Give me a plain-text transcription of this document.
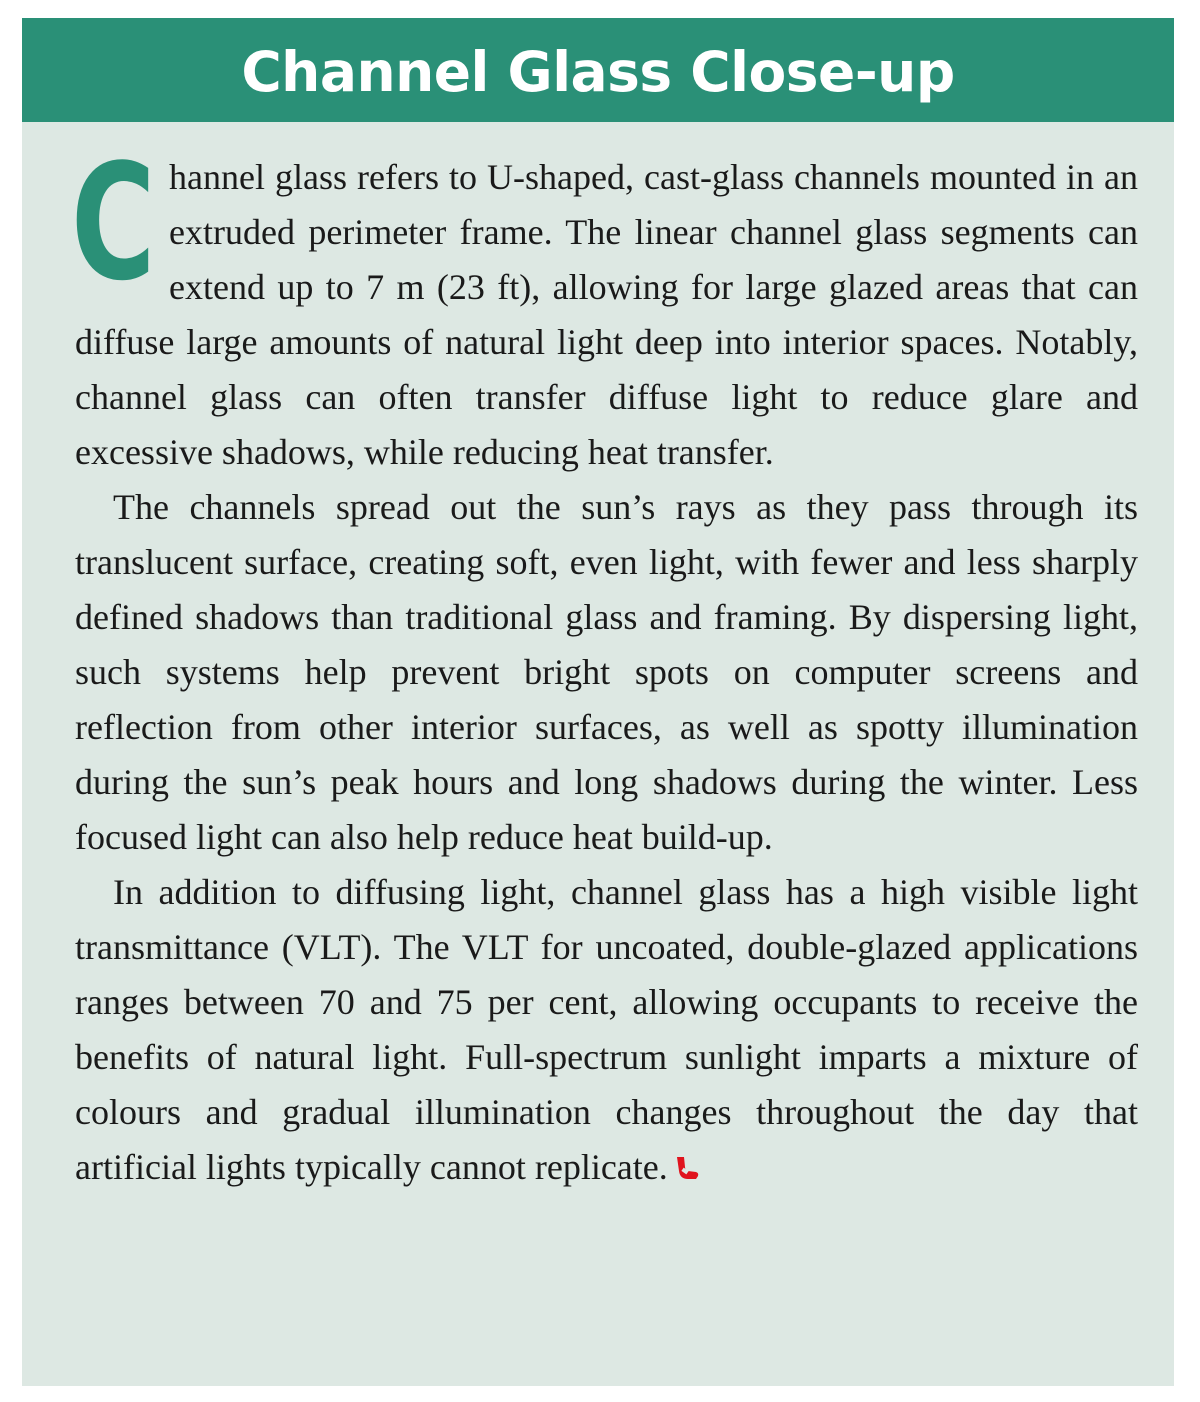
Channel Glass Close-up

Channel glass refers to U-shaped, cast-glass channels mounted in an extruded perimeter frame. The linear channel glass segments can extend up to 7 m (23 ft), allowing for large glazed areas that can diffuse large amounts of natural light deep into interior spaces. Notably, channel glass can often transfer diffuse light to reduce glare and excessive shadows, while reducing heat transfer.

The channels spread out the sun’s rays as they pass through its translucent surface, creating soft, even light, with fewer and less sharply defined shadows than traditional glass and framing. By dispersing light, such systems help prevent bright spots on computer screens and reflection from other interior surfaces, as well as spotty illumination during the sun’s peak hours and long shadows during the winter. Less focused light can also help reduce heat build-up.

In addition to diffusing light, channel glass has a high visible light transmittance (VLT). The VLT for uncoated, double-glazed applications ranges between 70 and 75 per cent, allowing occupants to receive the benefits of natural light. Full-spectrum sunlight imparts a mixture of colours and gradual illumination changes throughout the day that artificial lights typically cannot replicate.
